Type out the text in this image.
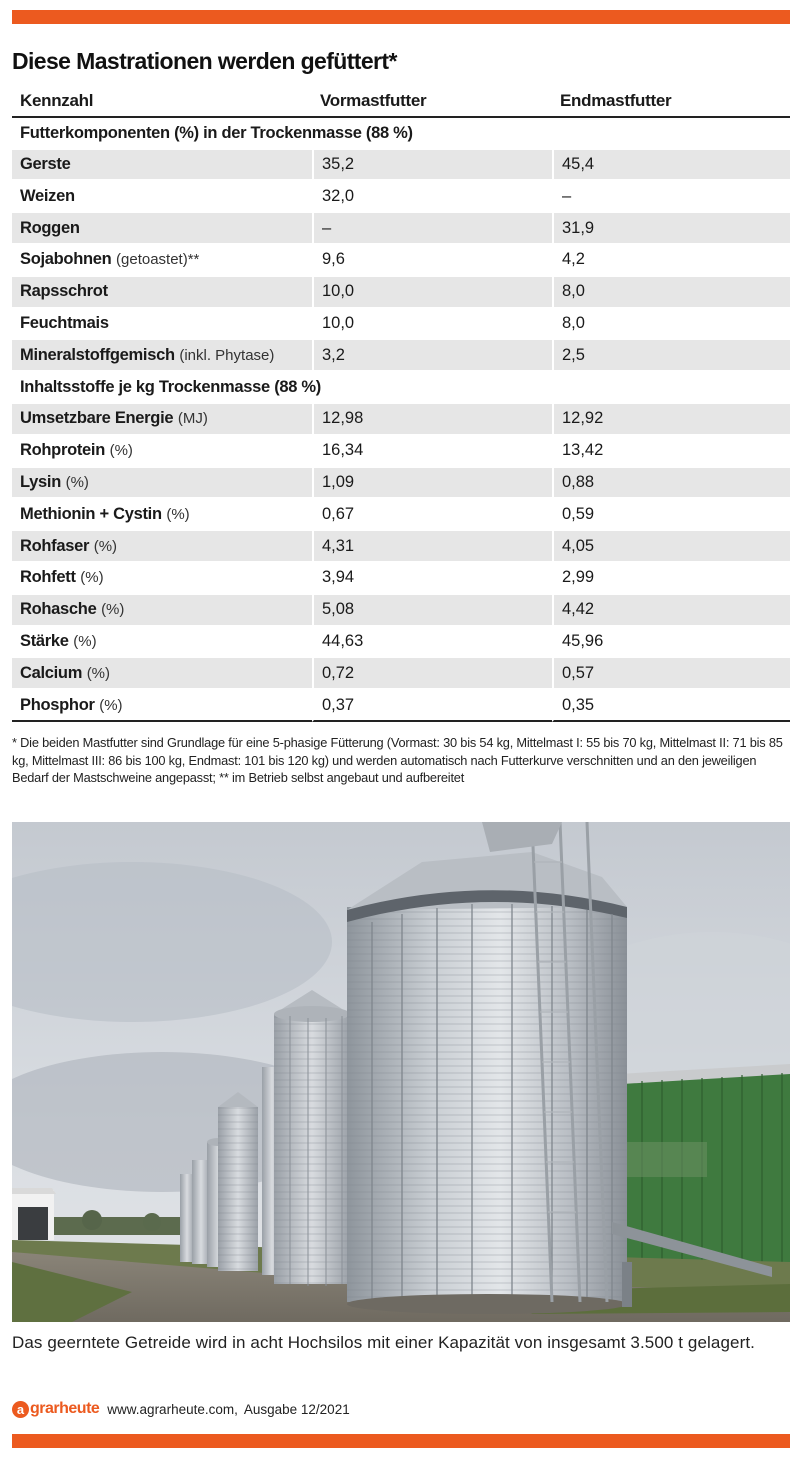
Diese Mastrationen werden gefüttert*
Kennzahl	Vormastfutter	Endmastfutter
Futterkomponenten (%) in der Trockenmasse (88 %)		
Gerste	35,2	45,4
Weizen	32,0	–
Roggen	–	31,9
Sojabohnen (getoastet)**	9,6	4,2
Rapsschrot	10,0	8,0
Feuchtmais	10,0	8,0
Mineralstoffgemisch (inkl. Phytase)	3,2	2,5
Inhaltsstoffe je kg Trockenmasse (88 %)		
Umsetzbare Energie (MJ)	12,98	12,92
Rohprotein (%)	16,34	13,42
Lysin (%)	1,09	0,88
Methionin + Cystin (%)	0,67	0,59
Rohfaser (%)	4,31	4,05
Rohfett (%)	3,94	2,99
Rohasche (%)	5,08	4,42
Stärke (%)	44,63	45,96
Calcium (%)	0,72	0,57
Phosphor (%)	0,37	0,35
* Die beiden Mastfutter sind Grundlage für eine 5-phasige Fütterung (Vormast: 30 bis 54 kg, Mittelmast I: 55 bis 70 kg, Mittelmast II: 71 bis 85 kg, Mittelmast III: 86 bis 100 kg, Endmast: 101 bis 120 kg) und werden automatisch nach Futterkurve verschnitten und an den jeweiligen Bedarf der Mastschweine angepasst; ** im Betrieb selbst angebaut und aufbereitet
Das geerntete Getreide wird in acht Hochsilos mit einer Kapazität von insgesamt 3.500 t gelagert.
a grarheute www.agrarheute.com, Ausgabe 12/2021
